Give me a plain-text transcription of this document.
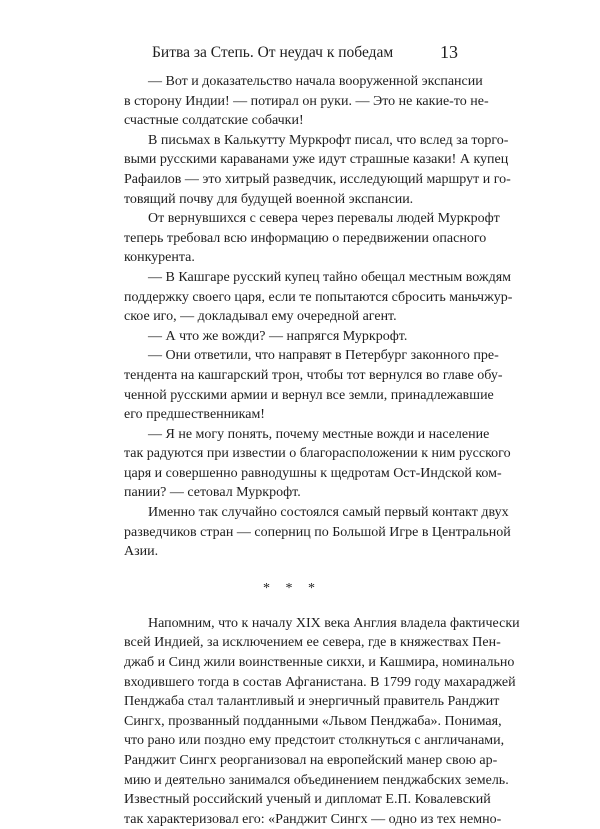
Битва за Степь. От неудач к победам	13
— Вот и доказательство начала вооруженной экспансии
в сторону Индии! — потирал он руки. — Это не какие-то не-
счастные солдатские собачки!
В письмах в Калькутту Муркрофт писал, что вслед за торго-
выми русскими караванами уже идут страшные казаки! А купец
Рафаилов — это хитрый разведчик, исследующий маршрут и го-
товящий почву для будущей военной экспансии.
От вернувшихся с севера через перевалы людей Муркрофт
теперь требовал всю информацию о передвижении опасного
конкурента.
— В Кашгаре русский купец тайно обещал местным вождям
поддержку своего царя, если те попытаются сбросить маньчжур-
ское иго, — докладывал ему очередной агент.
— А что же вожди? — напрягся Муркрофт.
— Они ответили, что направят в Петербург законного пре-
тендента на кашгарский трон, чтобы тот вернулся во главе обу-
ченной русскими армии и вернул все земли, принадлежавшие
его предшественникам!
— Я не могу понять, почему местные вожди и население
так радуются при известии о благорасположении к ним русского
царя и совершенно равнодушны к щедротам Ост-Индской ком-
пании? — сетовал Муркрофт.
Именно так случайно состоялся самый первый контакт двух
разведчиков стран — соперниц по Большой Игре в Центральной
Азии.
* * *
Напомним, что к началу XIX века Англия владела фактически
всей Индией, за исключением ее севера, где в княжествах Пен-
джаб и Синд жили воинственные сикхи, и Кашмира, номинально
входившего тогда в состав Афганистана. В 1799 году махараджей
Пенджаба стал талантливый и энергичный правитель Ранджит
Сингх, прозванный подданными «Львом Пенджаба». Понимая,
что рано или поздно ему предстоит столкнуться с англичанами,
Ранджит Сингх реорганизовал на европейский манер свою ар-
мию и деятельно занимался объединением пенджабских земель.
Известный российский ученый и дипломат Е.П. Ковалевский
так характеризовал его: «Ранджит Сингх — одно из тех немно-
